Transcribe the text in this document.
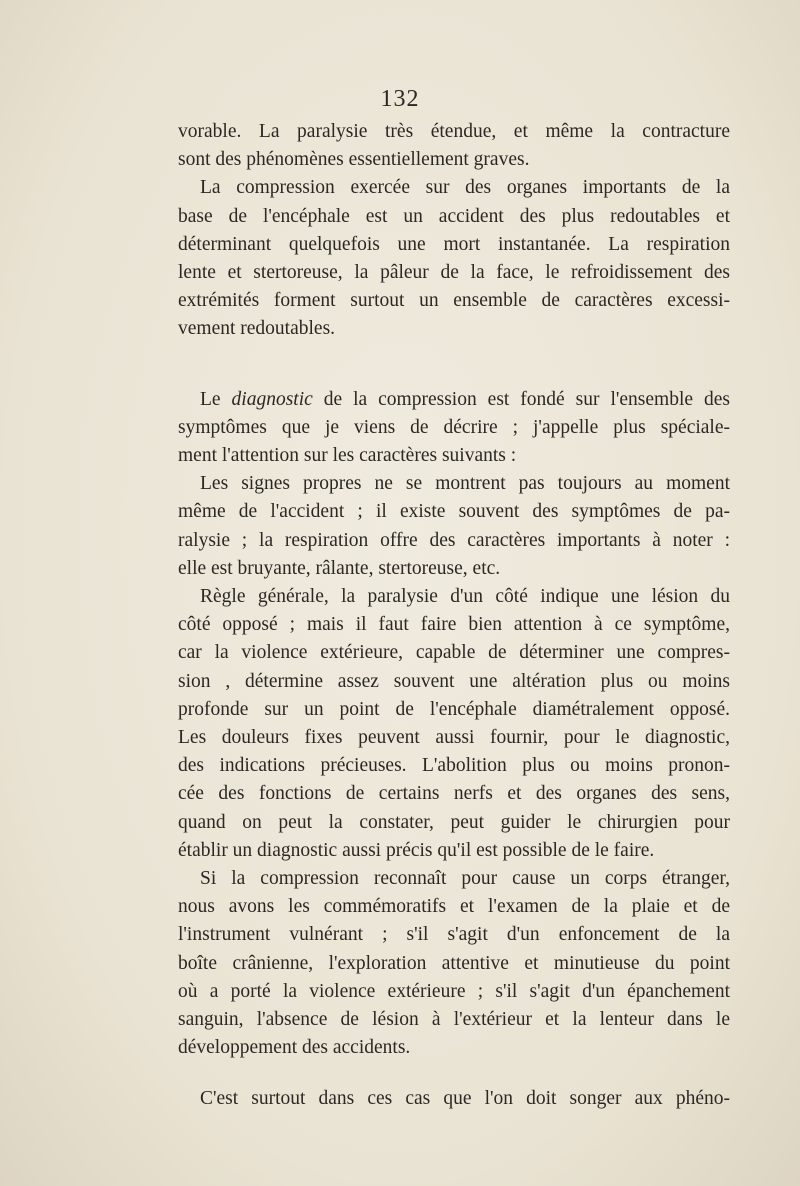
132
vorable. La paralysie très étendue, et même la contracture
sont des phénomènes essentiellement graves.
La compression exercée sur des organes importants de la
base de l'encéphale est un accident des plus redoutables et
déterminant quelquefois une mort instantanée. La respiration
lente et stertoreuse, la pâleur de la face, le refroidissement des
extrémités forment surtout un ensemble de caractères excessi-
vement redoutables.
Le diagnostic de la compression est fondé sur l'ensemble des
symptômes que je viens de décrire ; j'appelle plus spéciale-
ment l'attention sur les caractères suivants :
Les signes propres ne se montrent pas toujours au moment
même de l'accident ; il existe souvent des symptômes de pa-
ralysie ; la respiration offre des caractères importants à noter :
elle est bruyante, râlante, stertoreuse, etc.
Règle générale, la paralysie d'un côté indique une lésion du
côté opposé ; mais il faut faire bien attention à ce symptôme,
car la violence extérieure, capable de déterminer une compres-
sion , détermine assez souvent une altération plus ou moins
profonde sur un point de l'encéphale diamétralement opposé.
Les douleurs fixes peuvent aussi fournir, pour le diagnostic,
des indications précieuses. L'abolition plus ou moins pronon-
cée des fonctions de certains nerfs et des organes des sens,
quand on peut la constater, peut guider le chirurgien pour
établir un diagnostic aussi précis qu'il est possible de le faire.
Si la compression reconnaît pour cause un corps étranger,
nous avons les commémoratifs et l'examen de la plaie et de
l'instrument vulnérant ; s'il s'agit d'un enfoncement de la
boîte crânienne, l'exploration attentive et minutieuse du point
où a porté la violence extérieure ; s'il s'agit d'un épanchement
sanguin, l'absence de lésion à l'extérieur et la lenteur dans le
développement des accidents.
C'est surtout dans ces cas que l'on doit songer aux phéno-
